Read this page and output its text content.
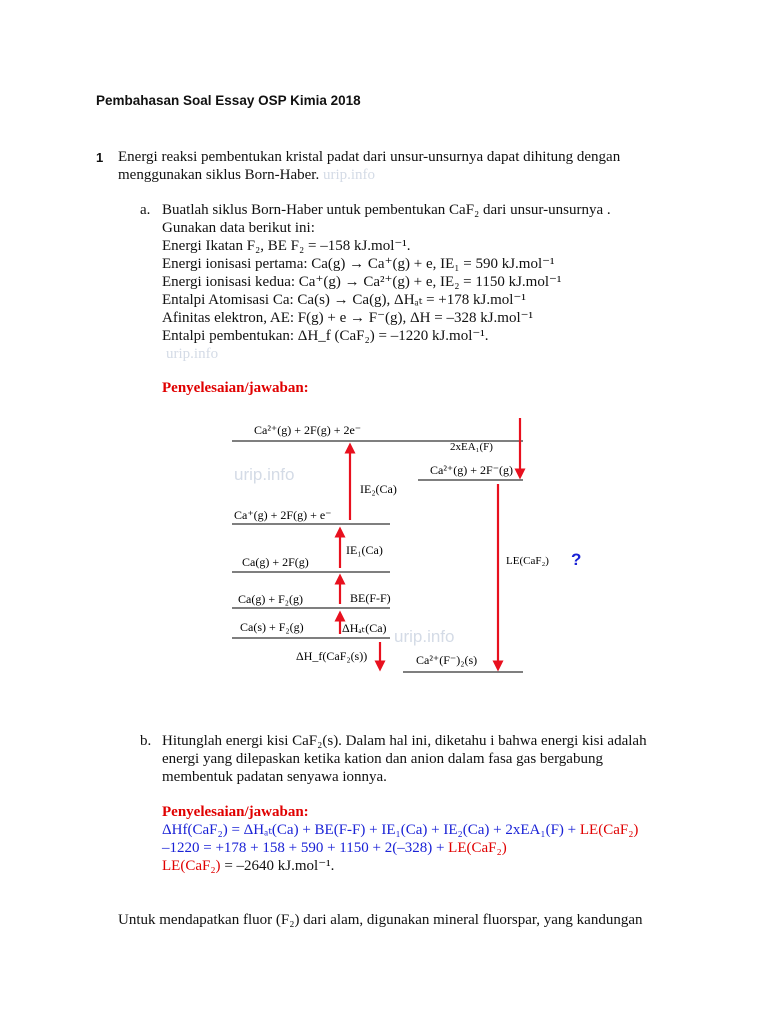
Pembahasan Soal Essay OSP Kimia 2018
1 Energi reaksi pembentukan kristal padat dari unsur-unsurnya dapat dihitung dengan
menggunakan siklus Born-Haber. urip.info
a. Buatlah siklus Born-Haber untuk pembentukan CaF₂ dari unsur-unsurnya .
Gunakan data berikut ini:
Energi Ikatan F₂, BE F₂ = –158 kJ.mol⁻¹.
Energi ionisasi pertama: Ca(g) → Ca⁺(g) + e, IE₁ = 590 kJ.mol⁻¹
Energi ionisasi kedua: Ca⁺(g) → Ca²⁺(g) + e, IE₂ = 1150 kJ.mol⁻¹
Entalpi Atomisasi Ca: Ca(s) → Ca(g), ΔHₐₜ = +178 kJ.mol⁻¹
Afinitas elektron, AE: F(g) + e → F⁻(g), ΔH = –328 kJ.mol⁻¹
Entalpi pembentukan: ΔH_f (CaF₂) = –1220 kJ.mol⁻¹.
urip.info
Penyelesaian/jawaban:
Ca²⁺(g) + 2F(g) + 2e⁻
Ca²⁺(g) + 2F⁻(g)
Ca⁺(g) + 2F(g) + e⁻
Ca(g) + 2F(g)
Ca(g) + F₂(g)
Ca(s) + F₂(g)
Ca²⁺(F⁻)₂(s)
IE₂(Ca)
IE₁(Ca)
BE(F-F)
ΔHₐₜ(Ca)
ΔH_f(CaF₂(s))
2xEA₁(F)
LE(CaF₂)
urip.info
urip.info
?
b. Hitunglah energi kisi CaF₂(s). Dalam hal ini, diketahu i bahwa energi kisi adalah
energi yang dilepaskan ketika kation dan anion dalam fasa gas bergabung
membentuk padatan senyawa ionnya.
Penyelesaian/jawaban:
ΔHf(CaF₂) = ΔHₐₜ(Ca) + BE(F-F) + IE₁(Ca) + IE₂(Ca) + 2xEA₁(F) + LE(CaF₂)
–1220 = +178 + 158 + 590 + 1150 + 2(–328) + LE(CaF₂)
LE(CaF₂) = –2640 kJ.mol⁻¹.
Untuk mendapatkan fluor (F₂) dari alam, digunakan mineral fluorspar, yang kandungan
